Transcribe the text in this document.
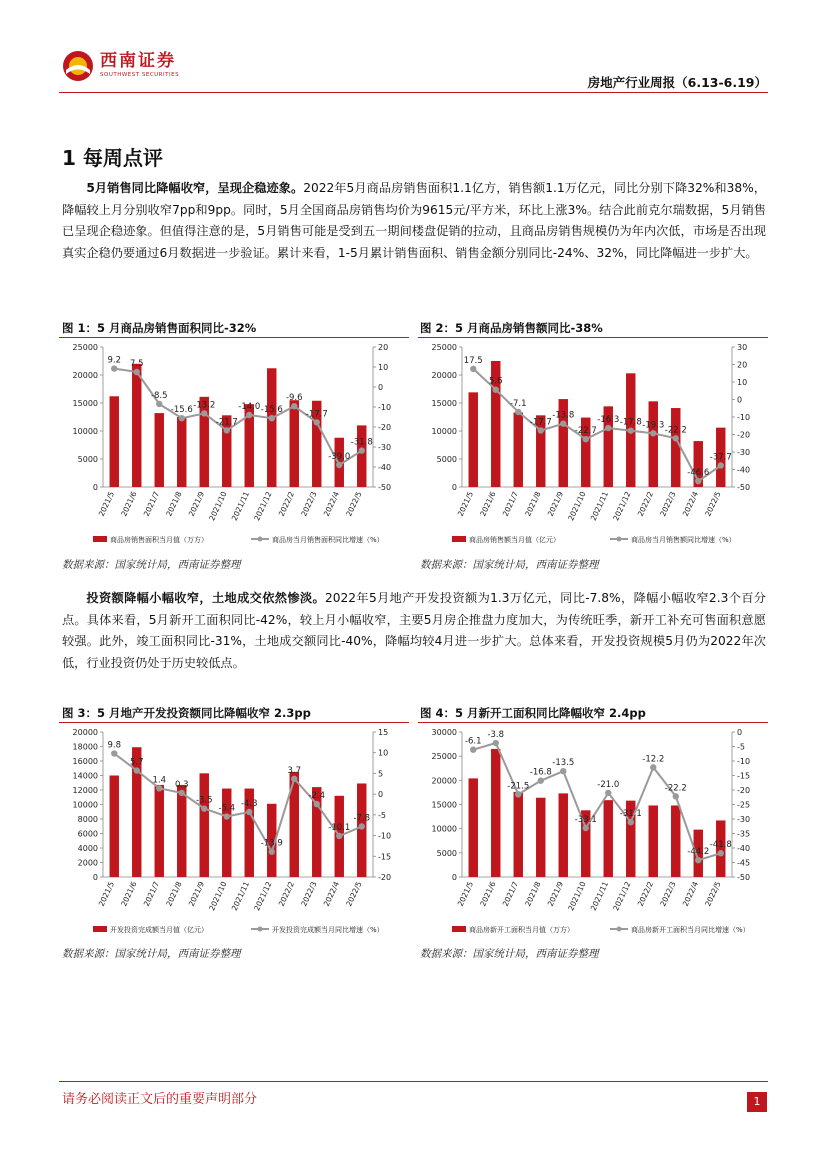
西南证券
SOUTHWEST SECURITIES	房地产行业周报（6.13-6.19）
1 每周点评

5月销售同比降幅收窄，呈现企稳迹象。2022年5月商品房销售面积1.1亿方，销售额1.1万亿元，同比分别下降32%和38%，降幅较上月分别收窄7pp和9pp。同时，5月全国商品房销售均价为9615元/平方米，环比上涨3%。结合此前克尔瑞数据，5月销售已呈现企稳迹象。但值得注意的是，5月销售可能是受到五一期间楼盘促销的拉动，且商品房销售规模仍为年内次低，市场是否出现真实企稳仍要通过6月数据进一步验证。累计来看，1-5月累计销售面积、销售金额分别同比-24%、32%，同比降幅进一步扩大。

图 1：5 月商品房销售面积同比-32%
0
5000
10000
15000
20000
25000
-50
-40
-30
-20
-10
0
10
20
9.2 7.5
-8.5
-15.6 -13.2
-21.7
-14.0 -15.6
-9.6
-17.7
-39.0
-31.8
2021/5 2021/6 2021/7 2021/8 2021/9 2021/10 2021/11 2021/12 2022/2 2022/3 2022/4 2022/5
商品房销售面积当月值（万方）	商品房当月销售面积同比增速（%）
数据来源：国家统计局，西南证券整理
图 2：5 月商品房销售额同比-38%
0
5000
10000
15000
20000
25000
-50
-40
-30
-20
-10
0
10
20
30
17.5
5.6
-7.1
-17.7
-13.8
-22.7
-16.3 -17.8 -19.3
-22.2
-46.6
-37.7
2021/5 2021/6 2021/7 2021/8 2021/9 2021/10 2021/11 2021/12 2022/2 2022/3 2022/4 2022/5
商品房销售额当月值（亿元）	商品房当月销售额同比增速（%）
数据来源：国家统计局，西南证券整理

投资额降幅小幅收窄，土地成交依然惨淡。2022年5月地产开发投资额为1.3万亿元，同比-7.8%，降幅小幅收窄2.3个百分点。具体来看，5月新开工面积同比-42%，较上月小幅收窄，主要5月房企推盘力度加大，为传统旺季，新开工补充可售面积意愿较强。此外，竣工面积同比-31%，土地成交额同比-40%，降幅均较4月进一步扩大。总体来看，开发投资规模5月仍为2022年次低，行业投资仍处于历史较低点。

图 3：5 月地产开发投资额同比降幅收窄 2.3pp
0
2000
4000
6000
8000
10000
12000
14000
16000
18000
20000
-20
-15
-10
-5
0
5
10
15
9.8
5.7
1.4 0.3
-3.5
-5.4 -4.3
-13.9
3.7
-2.4
-10.1
-7.8
2021/5 2021/6 2021/7 2021/8 2021/9 2021/10 2021/11 2021/12 2022/2 2022/3 2022/4 2022/5
开发投资完成额当月值（亿元）	开发投资完成额当月同比增速（%）
数据来源：国家统计局，西南证券整理
图 4：5 月新开工面积同比降幅收窄 2.4pp
0
5000
10000
15000
20000
25000
30000
-50
-45
-40
-35
-30
-25
-20
-15
-10
-5
0
-6.1
-3.8
-21.5
-16.8
-13.5
-33.1
-21.0
-31.1
-12.2
-22.2
-44.2
-41.8
2021/5 2021/6 2021/7 2021/8 2021/9 2021/10 2021/11 2021/12 2022/2 2022/3 2022/4 2022/5
商品房新开工面积当月值（万方）	商品房新开工面积当月同比增速（%）
数据来源：国家统计局，西南证券整理
请务必阅读正文后的重要声明部分	1
